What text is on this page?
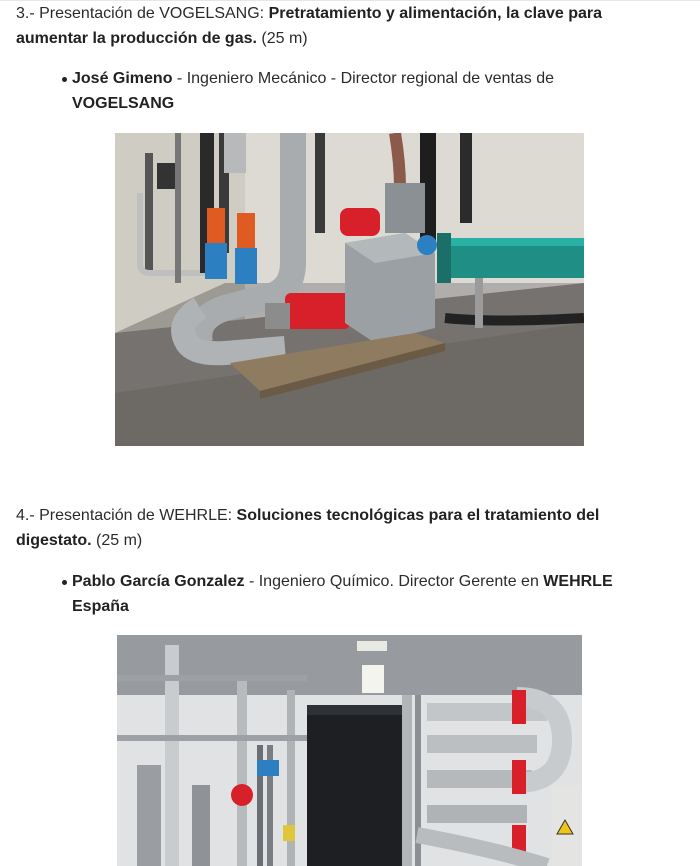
3.- Presentación de VOGELSANG: Pretratamiento y alimentación, la clave para aumentar la producción de gas. (25 m)

José Gimeno - Ingeniero Mecánico - Director regional de ventas de VOGELSANG

4.- Presentación de WEHRLE: Soluciones tecnológicas para el tratamiento del digestato. (25 m)

Pablo García Gonzalez - Ingeniero Químico. Director Gerente en WEHRLE España
